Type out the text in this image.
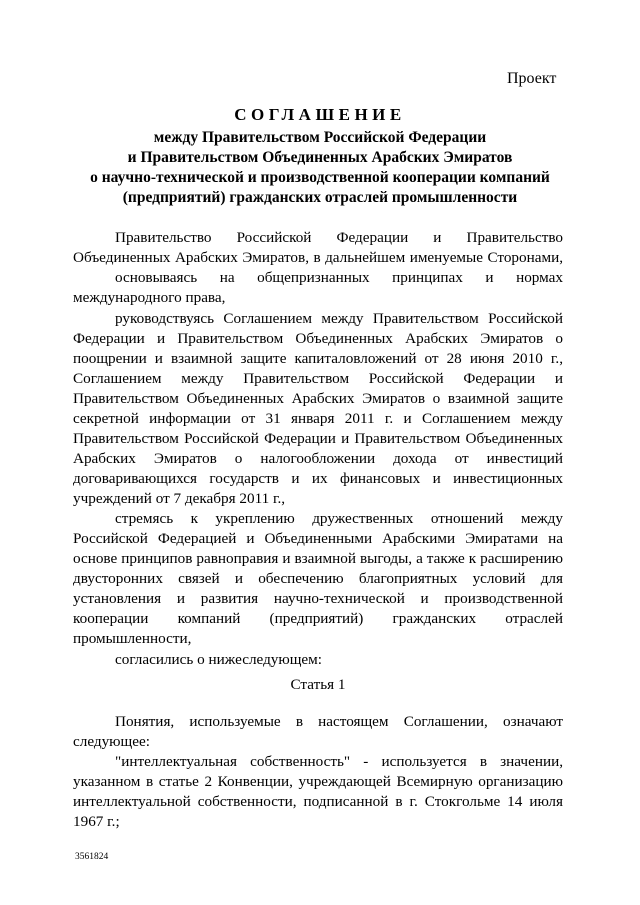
Проект
СОГЛАШЕНИЕ
между Правительством Российской Федерации
и Правительством Объединенных Арабских Эмиратов
о научно-технической и производственной кооперации компаний
(предприятий) гражданских отраслей промышленности
Правительство Российской Федерации и Правительство
Объединенных Арабских Эмиратов, в дальнейшем именуемые Сторонами,
основываясь на общепризнанных принципах и нормах
международного права,
руководствуясь Соглашением между Правительством Российской
Федерации и Правительством Объединенных Арабских Эмиратов о
поощрении и взаимной защите капиталовложений от 28 июня 2010 г.,
Соглашением между Правительством Российской Федерации и
Правительством Объединенных Арабских Эмиратов о взаимной защите
секретной информации от 31 января 2011 г. и Соглашением между
Правительством Российской Федерации и Правительством Объединенных
Арабских Эмиратов о налогообложении дохода от инвестиций
договаривающихся государств и их финансовых и инвестиционных
учреждений от 7 декабря 2011 г.,
стремясь к укреплению дружественных отношений между
Российской Федерацией и Объединенными Арабскими Эмиратами на
основе принципов равноправия и взаимной выгоды, а также к расширению
двусторонних связей и обеспечению благоприятных условий для
установления и развития научно-технической и производственной
кооперации компаний (предприятий) гражданских отраслей
промышленности,
согласились о нижеследующем:
Статья 1
Понятия, используемые в настоящем Соглашении, означают
следующее:
"интеллектуальная собственность" - используется в значении,
указанном в статье 2 Конвенции, учреждающей Всемирную организацию
интеллектуальной собственности, подписанной в г. Стокгольме 14 июля
1967 г.;
3561824
